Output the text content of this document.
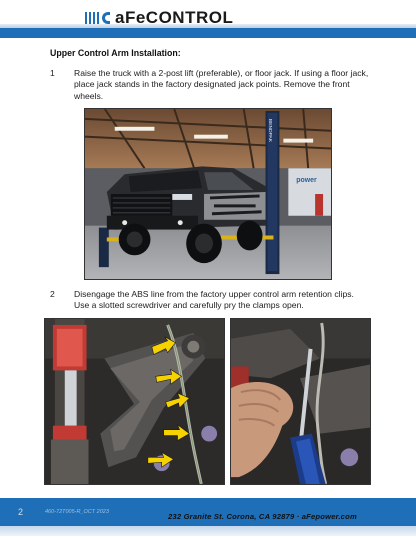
aFeCONTROL
Upper Control Arm Installation:
1	Raise the truck with a 2-post lift (preferable), or floor jack. If using a floor jack, place jack stands in the factory designated jack points. Remove the front wheels.
power
BENDPAK
2	Disengage the ABS line from the factory upper control arm retention clips. Use a slotted screwdriver and carefully pry the clamps open.
2	460-72T005-R_OCT 2023	232 Granite St. Corona, CA 92879 · aFepower.com
